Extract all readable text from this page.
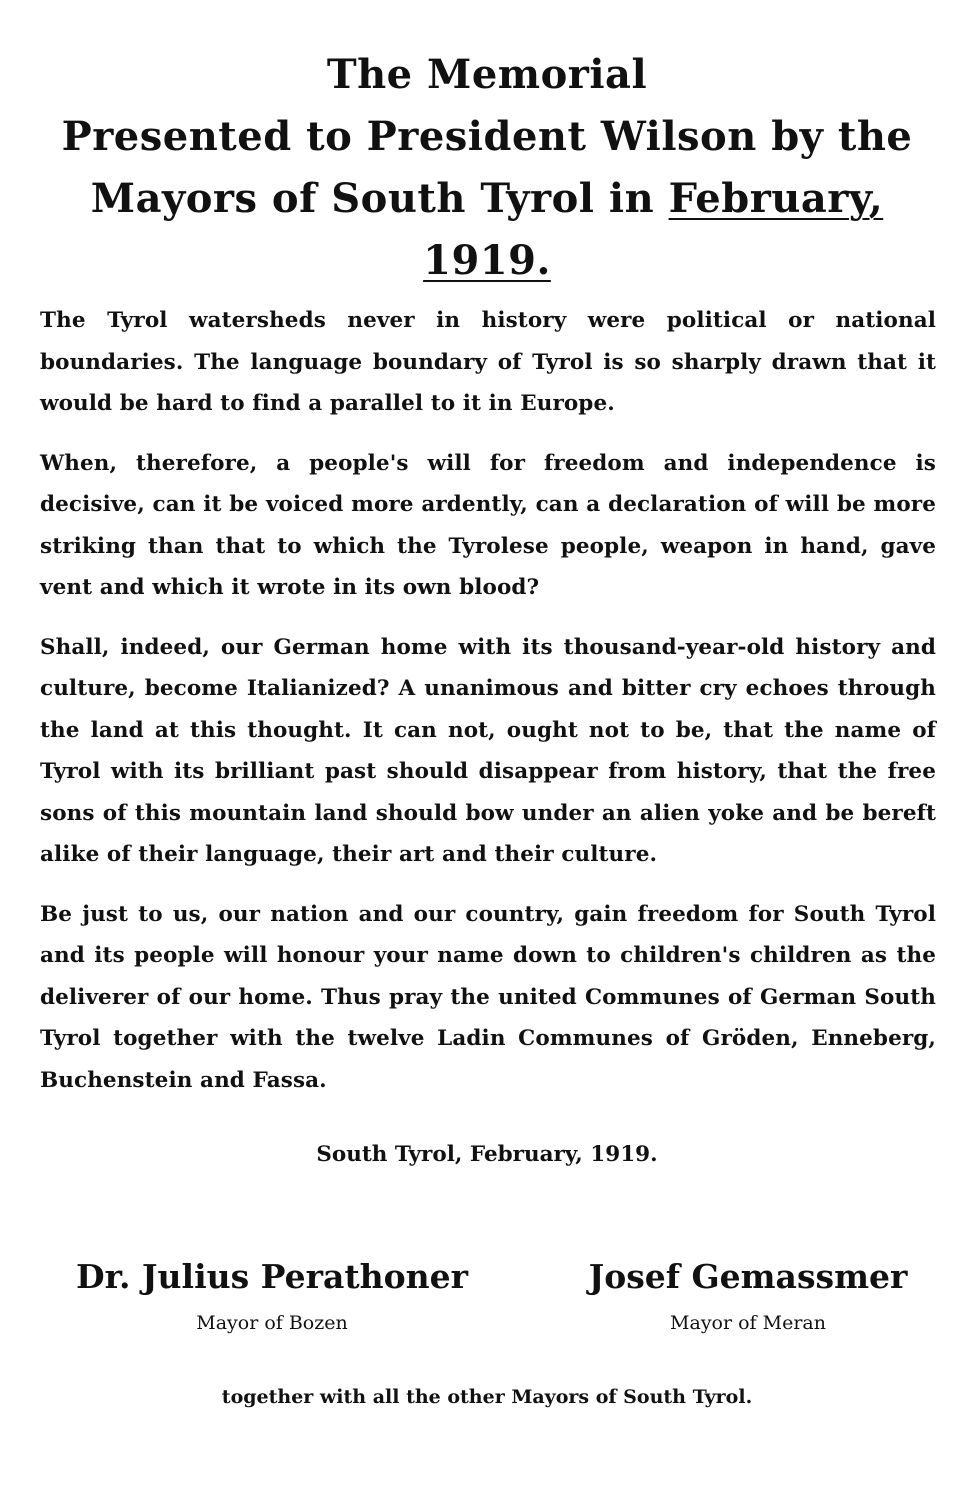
The Memorial
Presented to President Wilson by the
Mayors of South Tyrol in February, 1919.

The Tyrol watersheds never in history were political or national boundaries. The language boundary of Tyrol is so sharply drawn that it would be hard to find a parallel to it in Europe.

When, therefore, a people's will for freedom and independence is decisive, can it be voiced more ardently, can a declaration of will be more striking than that to which the Tyrolese people, weapon in hand, gave vent and which it wrote in its own blood?

Shall, indeed, our German home with its thousand-year-old history and culture, become Italianized? A unanimous and bitter cry echoes through the land at this thought. It can not, ought not to be, that the name of Tyrol with its brilliant past should disappear from history, that the free sons of this mountain land should bow under an alien yoke and be bereft alike of their language, their art and their culture.

Be just to us, our nation and our country, gain freedom for South Tyrol and its people will honour your name down to children's children as the deliverer of our home. Thus pray the united Communes of German South Tyrol together with the twelve Ladin Communes of Gröden, Enneberg, Buchenstein and Fassa.

South Tyrol, February, 1919.
Dr. Julius Perathoner
Mayor of Bozen
Josef Gemassmer
Mayor of Meran
together with all the other Mayors of South Tyrol.
